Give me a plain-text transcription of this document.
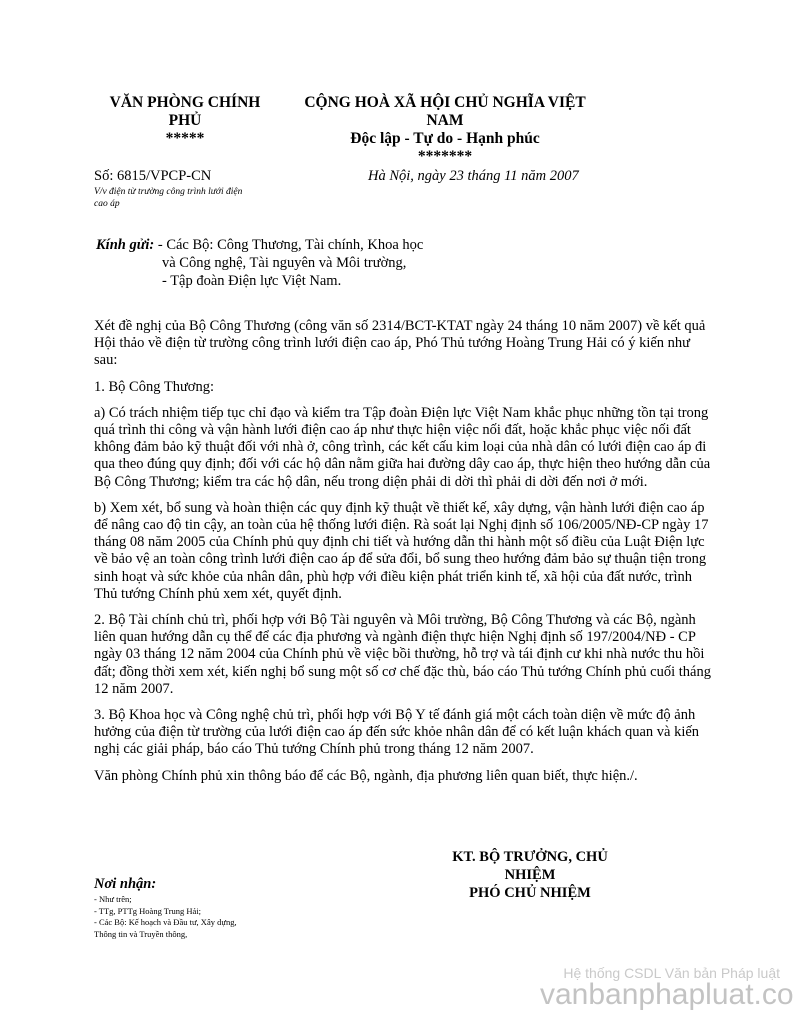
VĂN PHÒNG CHÍNH
PHỦ
*****
CỘNG HOÀ XÃ HỘI CHỦ NGHĨA VIỆT
NAM
Độc lập - Tự do - Hạnh phúc
*******
Số: 6815/VPCP-CN
V/v điện từ trường công trình lưới điện
cao áp
Hà Nội, ngày 23 tháng 11 năm 2007
Kính gửi: - Các Bộ: Công Thương, Tài chính, Khoa học
và Công nghệ, Tài nguyên và Môi trường,
- Tập đoàn Điện lực Việt Nam.

Xét đề nghị của Bộ Công Thương (công văn số 2314/BCT-KTAT ngày 24 tháng 10 năm 2007) về kết quả Hội thảo về điện từ trường công trình lưới điện cao áp, Phó Thủ tướng Hoàng Trung Hải có ý kiến như sau:

1. Bộ Công Thương:

a) Có trách nhiệm tiếp tục chỉ đạo và kiểm tra Tập đoàn Điện lực Việt Nam khắc phục những tồn tại trong quá trình thi công và vận hành lưới điện cao áp như thực hiện việc nối đất, hoặc khắc phục việc nối đất không đảm bảo kỹ thuật đối với nhà ở, công trình, các kết cấu kim loại của nhà dân có lưới điện cao áp đi qua theo đúng quy định; đối với các hộ dân nằm giữa hai đường dây cao áp, thực hiện theo hướng dẫn của Bộ Công Thương; kiểm tra các hộ dân, nếu trong diện phải di dời thì phải di dời đến nơi ở mới.

b) Xem xét, bổ sung và hoàn thiện các quy định kỹ thuật về thiết kế, xây dựng, vận hành lưới điện cao áp để nâng cao độ tin cậy, an toàn của hệ thống lưới điện. Rà soát lại Nghị định số 106/2005/NĐ-CP ngày 17 tháng 08 năm 2005 của Chính phủ quy định chi tiết và hướng dẫn thi hành một số điều của Luật Điện lực về bảo vệ an toàn công trình lưới điện cao áp để sửa đổi, bổ sung theo hướng đảm bảo sự thuận tiện trong sinh hoạt và sức khỏe của nhân dân, phù hợp với điều kiện phát triển kinh tế, xã hội của đất nước, trình Thủ tướng Chính phủ xem xét, quyết định.

2. Bộ Tài chính chủ trì, phối hợp với Bộ Tài nguyên và Môi trường, Bộ Công Thương và các Bộ, ngành liên quan hướng dẫn cụ thể để các địa phương và ngành điện thực hiện Nghị định số 197/2004/NĐ - CP ngày 03 tháng 12 năm 2004 của Chính phủ về việc bồi thường, hỗ trợ và tái định cư khi nhà nước thu hồi đất; đồng thời xem xét, kiến nghị bổ sung một số cơ chế đặc thù, báo cáo Thủ tướng Chính phủ cuối tháng 12 năm 2007.

3. Bộ Khoa học và Công nghệ chủ trì, phối hợp với Bộ Y tế đánh giá một cách toàn diện về mức độ ảnh hưởng của điện từ trường của lưới điện cao áp đến sức khỏe nhân dân để có kết luận khách quan và kiến nghị các giải pháp, báo cáo Thủ tướng Chính phủ trong tháng 12 năm 2007.

Văn phòng Chính phủ xin thông báo để các Bộ, ngành, địa phương liên quan biết, thực hiện./.

KT. BỘ TRƯỞNG, CHỦ
NHIỆM
PHÓ CHỦ NHIỆM
Nơi nhận:
- Như trên;
- TTg, PTTg Hoàng Trung Hải;
- Các Bộ: Kế hoạch và Đầu tư, Xây dựng,
Thông tin và Truyền thông,
Hệ thống CSDL Văn bản Pháp luật
vanbanphapluat.co
